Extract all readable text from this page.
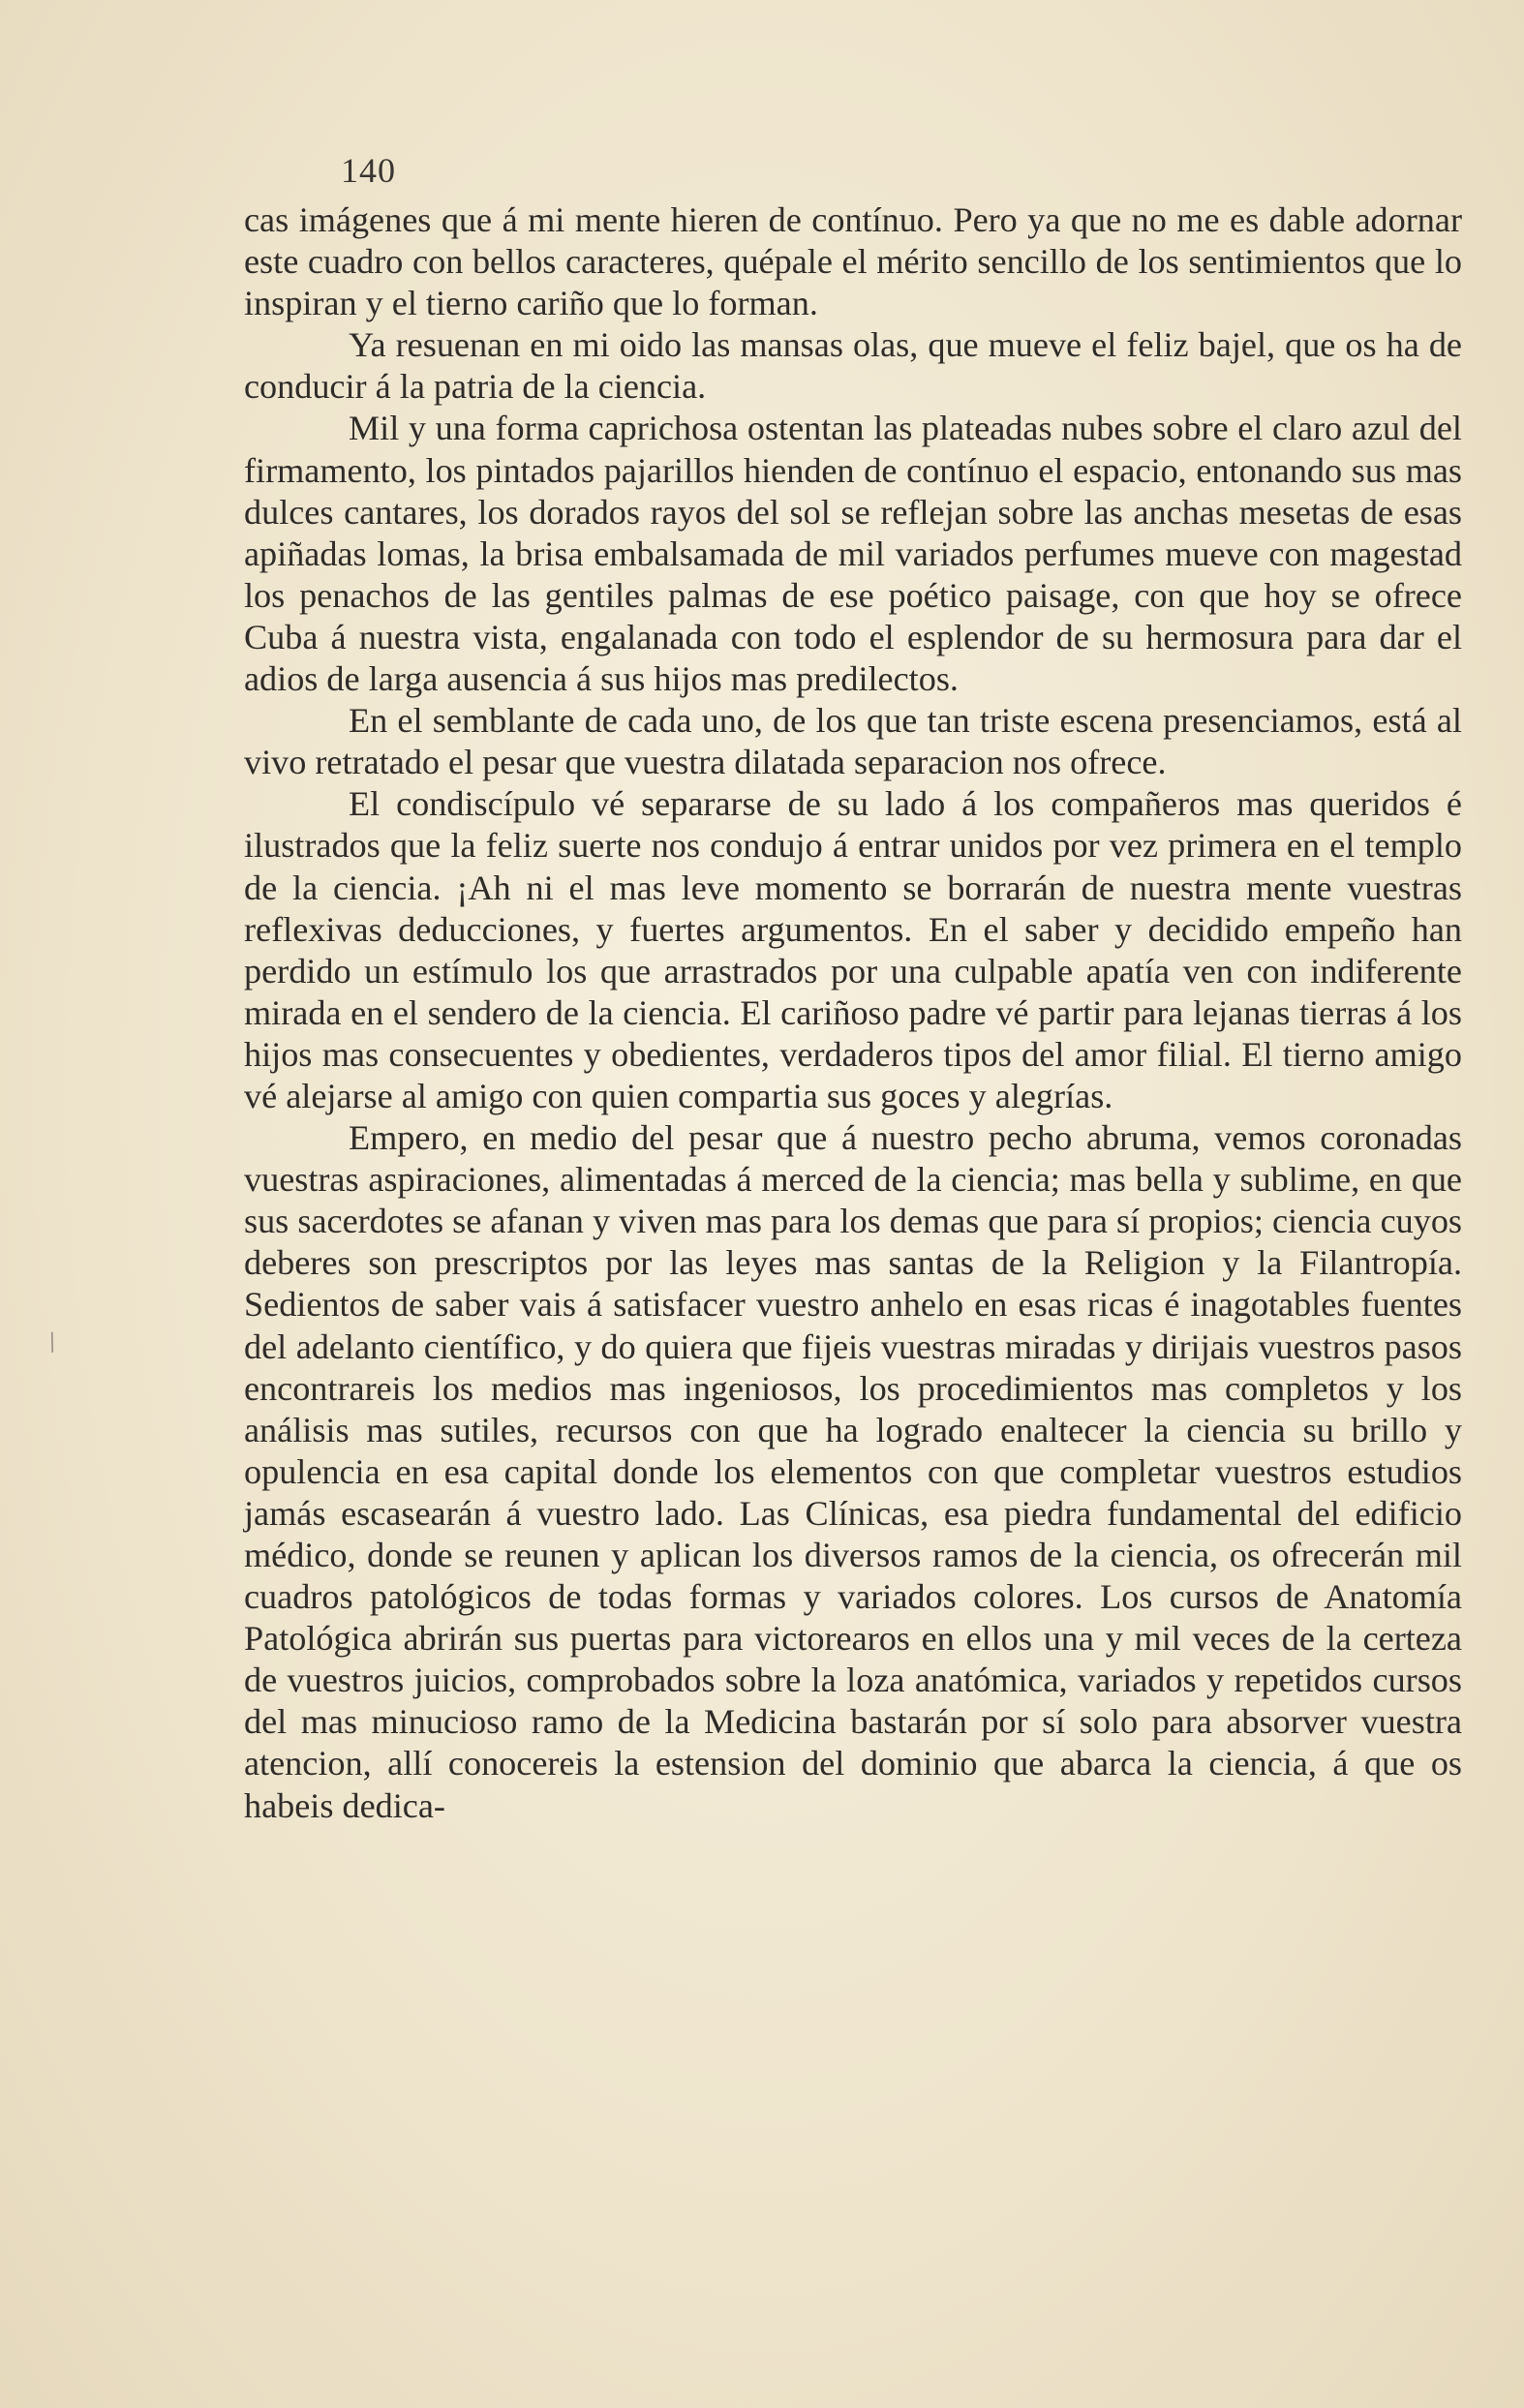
140

cas imágenes que á mi mente hieren de contínuo. Pero ya que no me es dable adornar este cuadro con bellos caracteres, quépale el mérito sencillo de los sentimientos que lo inspiran y el tierno cariño que lo forman.

Ya resuenan en mi oido las mansas olas, que mueve el feliz bajel, que os ha de conducir á la patria de la ciencia.

Mil y una forma caprichosa ostentan las plateadas nubes sobre el claro azul del firmamento, los pintados pajarillos hienden de contínuo el espacio, entonando sus mas dulces cantares, los dorados rayos del sol se reflejan sobre las anchas mesetas de esas apiñadas lomas, la brisa embalsamada de mil variados perfumes mueve con magestad los penachos de las gentiles palmas de ese poético paisage, con que hoy se ofrece Cuba á nuestra vista, engalanada con todo el esplendor de su hermosura para dar el adios de larga ausencia á sus hijos mas predilectos.

En el semblante de cada uno, de los que tan triste escena presenciamos, está al vivo retratado el pesar que vuestra dilatada separacion nos ofrece.

El condiscípulo vé separarse de su lado á los compañeros mas queridos é ilustrados que la feliz suerte nos condujo á entrar unidos por vez primera en el templo de la ciencia. ¡Ah ni el mas leve momento se borrarán de nuestra mente vuestras reflexivas deducciones, y fuertes argumentos. En el saber y decidido empeño han perdido un estímulo los que arrastrados por una culpable apatía ven con indiferente mirada en el sendero de la ciencia. El cariñoso padre vé partir para lejanas tierras á los hijos mas consecuentes y obedientes, verdaderos tipos del amor filial. El tierno amigo vé alejarse al amigo con quien compartia sus goces y alegrías.

Empero, en medio del pesar que á nuestro pecho abruma, vemos coronadas vuestras aspiraciones, alimentadas á merced de la ciencia; mas bella y sublime, en que sus sacerdotes se afanan y viven mas para los demas que para sí propios; ciencia cuyos deberes son prescriptos por las leyes mas santas de la Religion y la Filantropía. Sedientos de saber vais á satisfacer vuestro anhelo en esas ricas é inagotables fuentes del adelanto científico, y do quiera que fijeis vuestras miradas y dirijais vuestros pasos encontrareis los medios mas ingeniosos, los procedimientos mas completos y los análisis mas sutiles, recursos con que ha logrado enaltecer la ciencia su brillo y opulencia en esa capital donde los elementos con que completar vuestros estudios jamás escasearán á vuestro lado. Las Clínicas, esa piedra fundamental del edificio médico, donde se reunen y aplican los diversos ramos de la ciencia, os ofrecerán mil cuadros patológicos de todas formas y variados colores. Los cursos de Anatomía Patológica abrirán sus puertas para victorearos en ellos una y mil veces de la certeza de vuestros juicios, comprobados sobre la loza anatómica, variados y repetidos cursos del mas minucioso ramo de la Medicina bastarán por sí solo para absorver vuestra atencion, allí conocereis la estension del dominio que abarca la ciencia, á que os habeis dedica-

/
